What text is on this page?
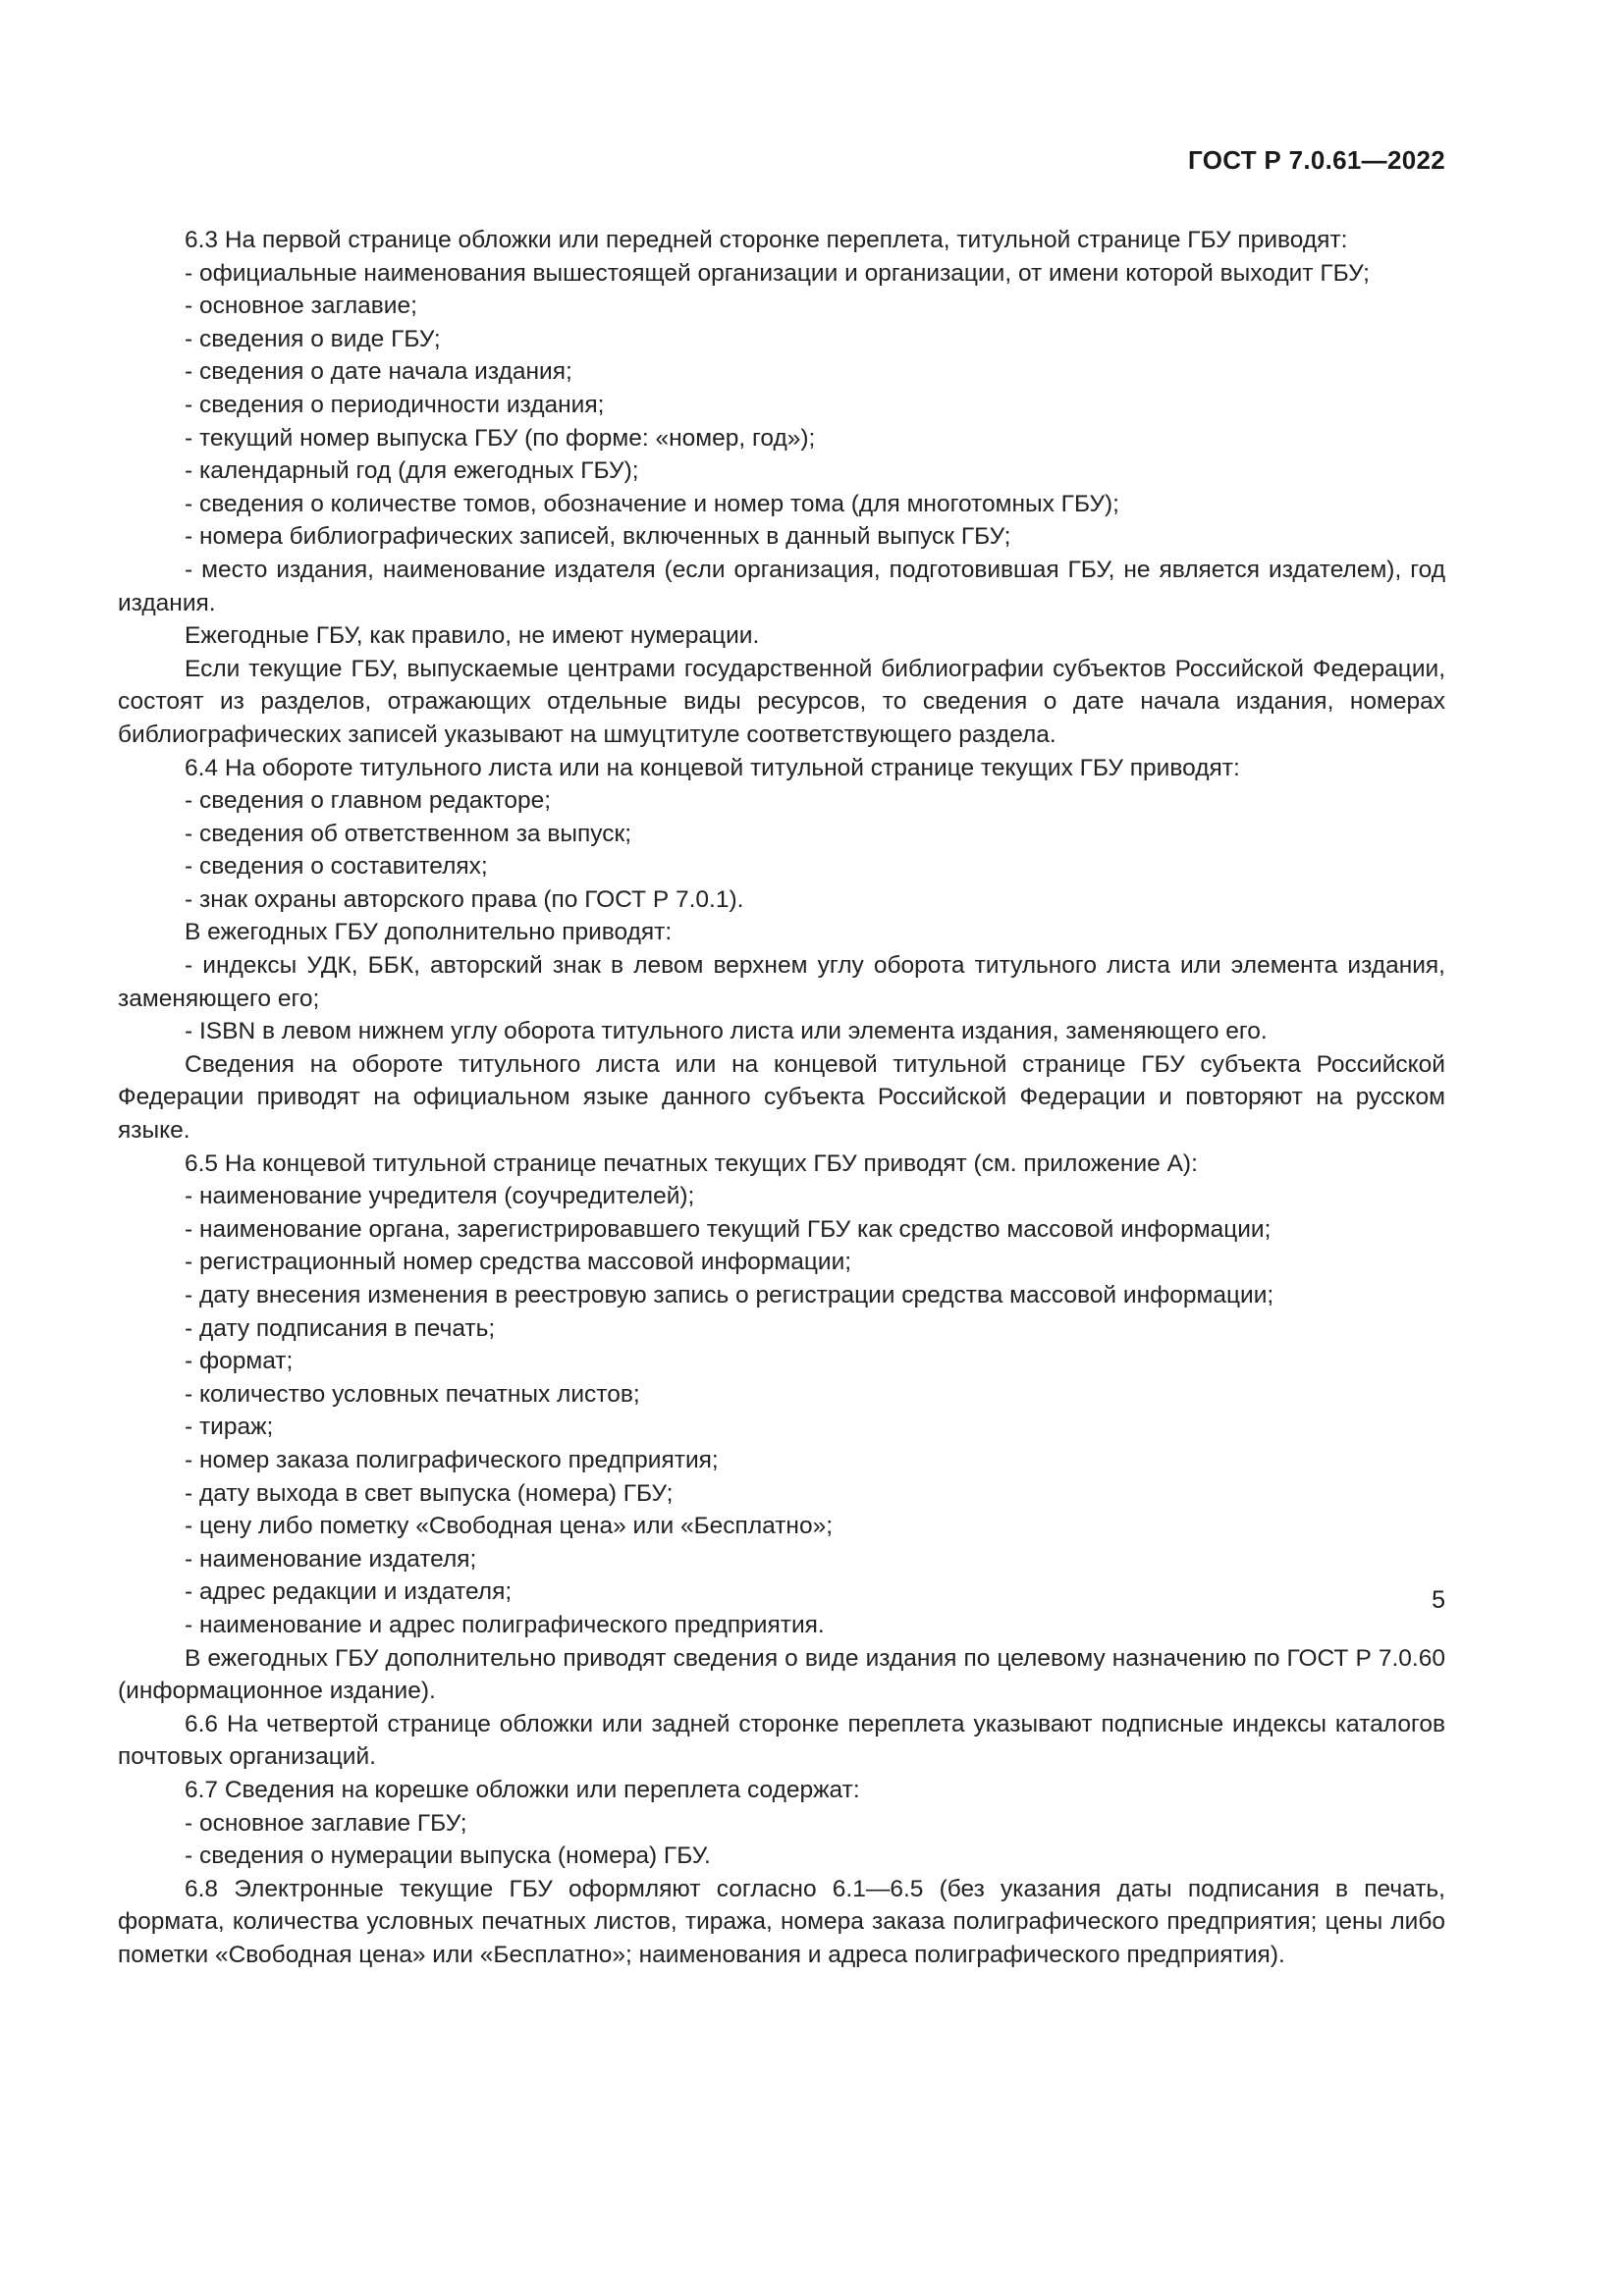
ГОСТ Р 7.0.61—2022

6.3 На первой странице обложки или передней сторонке переплета, титульной странице ГБУ приводят:

- официальные наименования вышестоящей организации и организации, от имени которой выходит ГБУ;

- основное заглавие;

- сведения о виде ГБУ;

- сведения о дате начала издания;

- сведения о периодичности издания;

- текущий номер выпуска ГБУ (по форме: «номер, год»);

- календарный год (для ежегодных ГБУ);

- сведения о количестве томов, обозначение и номер тома (для многотомных ГБУ);

- номера библиографических записей, включенных в данный выпуск ГБУ;

- место издания, наименование издателя (если организация, подготовившая ГБУ, не является издателем), год издания.

Ежегодные ГБУ, как правило, не имеют нумерации.

Если текущие ГБУ, выпускаемые центрами государственной библиографии субъектов Российской Федерации, состоят из разделов, отражающих отдельные виды ресурсов, то сведения о дате начала издания, номерах библиографических записей указывают на шмуцтитуле соответствующего раздела.

6.4 На обороте титульного листа или на концевой титульной странице текущих ГБУ приводят:

- сведения о главном редакторе;

- сведения об ответственном за выпуск;

- сведения о составителях;

- знак охраны авторского права (по ГОСТ Р 7.0.1).

В ежегодных ГБУ дополнительно приводят:

- индексы УДК, ББК, авторский знак в левом верхнем углу оборота титульного листа или элемента издания, заменяющего его;

- ISBN в левом нижнем углу оборота титульного листа или элемента издания, заменяющего его.

Сведения на обороте титульного листа или на концевой титульной странице ГБУ субъекта Российской Федерации приводят на официальном языке данного субъекта Российской Федерации и повторяют на русском языке.

6.5 На концевой титульной странице печатных текущих ГБУ приводят (см. приложение А):

- наименование учредителя (соучредителей);

- наименование органа, зарегистрировавшего текущий ГБУ как средство массовой информации;

- регистрационный номер средства массовой информации;

- дату внесения изменения в реестровую запись о регистрации средства массовой информации;

- дату подписания в печать;

- формат;

- количество условных печатных листов;

- тираж;

- номер заказа полиграфического предприятия;

- дату выхода в свет выпуска (номера) ГБУ;

- цену либо пометку «Свободная цена» или «Бесплатно»;

- наименование издателя;

- адрес редакции и издателя;

- наименование и адрес полиграфического предприятия.

В ежегодных ГБУ дополнительно приводят сведения о виде издания по целевому назначению по ГОСТ Р 7.0.60 (информационное издание).

6.6 На четвертой странице обложки или задней сторонке переплета указывают подписные индексы каталогов почтовых организаций.

6.7 Сведения на корешке обложки или переплета содержат:

- основное заглавие ГБУ;

- сведения о нумерации выпуска (номера) ГБУ.

6.8 Электронные текущие ГБУ оформляют согласно 6.1—6.5 (без указания даты подписания в печать, формата, количества условных печатных листов, тиража, номера заказа полиграфического предприятия; цены либо пометки «Свободная цена» или «Бесплатно»; наименования и адреса полиграфического предприятия).

5
